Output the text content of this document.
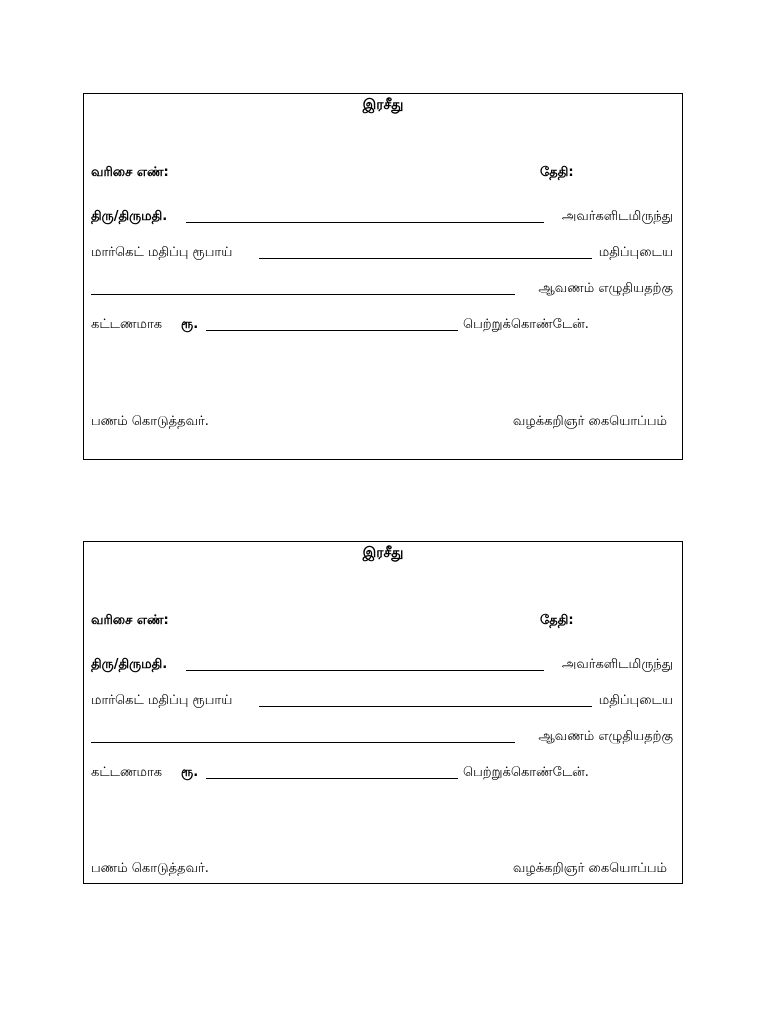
இரசீது
வரிசை எண்:	தேதி:
திரு/திருமதி.	அவர்களிடமிருந்து
மார்கெட் மதிப்பு ரூபாய்	மதிப்புடைய
ஆவணம் எழுதியதற்கு
கட்டணமாக ரூ.	பெற்றுக்கொண்டேன்.
பணம் கொடுத்தவர்.	வழக்கறிஞர் கையொப்பம்
இரசீது
வரிசை எண்:	தேதி:
திரு/திருமதி.	அவர்களிடமிருந்து
மார்கெட் மதிப்பு ரூபாய்	மதிப்புடைய
ஆவணம் எழுதியதற்கு
கட்டணமாக ரூ.	பெற்றுக்கொண்டேன்.
பணம் கொடுத்தவர்.	வழக்கறிஞர் கையொப்பம்
